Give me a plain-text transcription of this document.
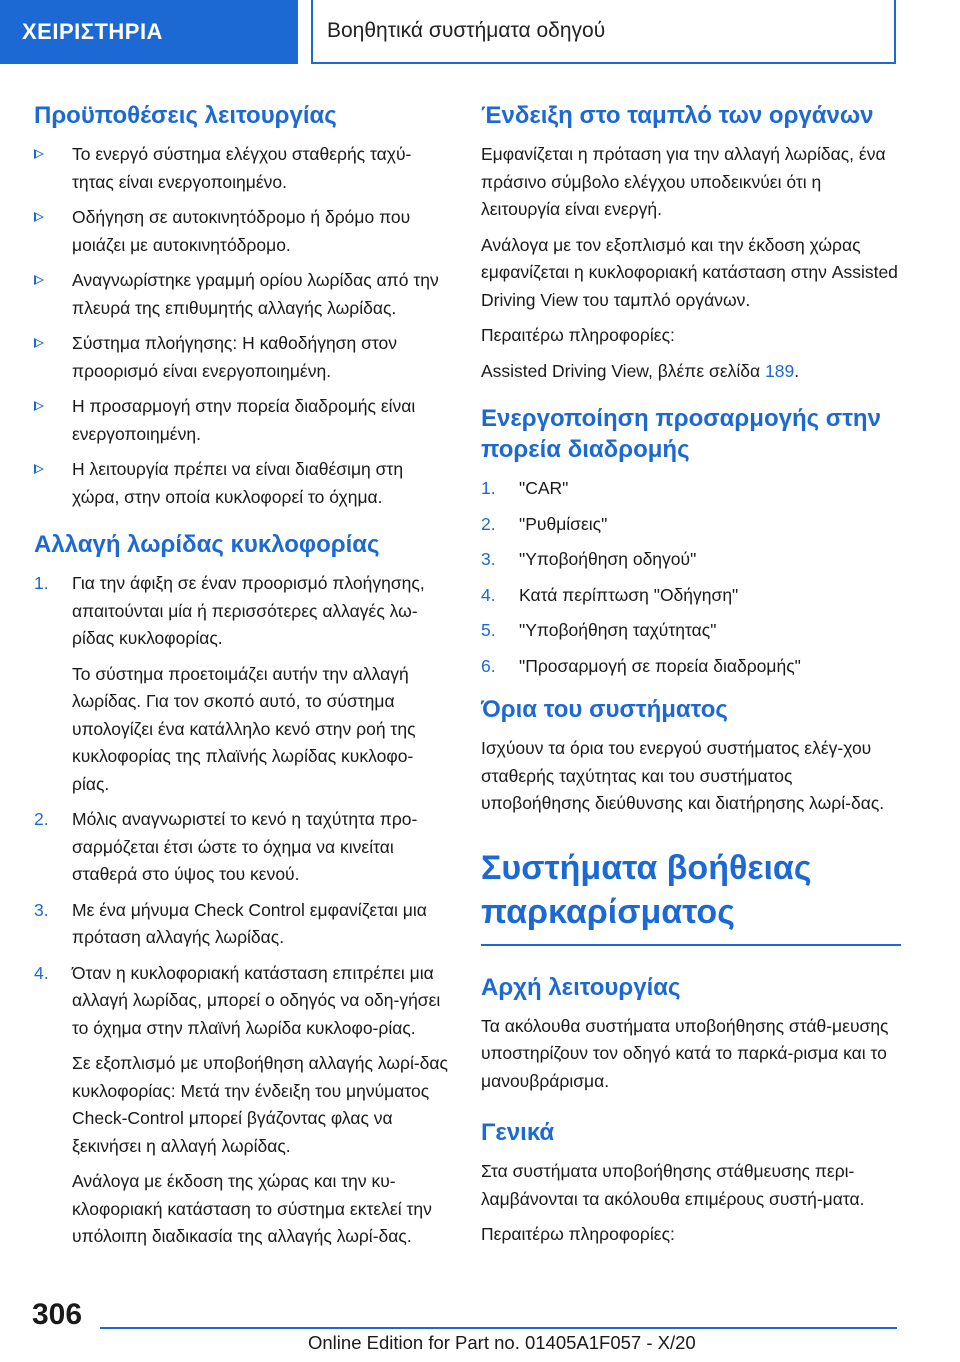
ΧΕΙΡΙΣΤΗΡΙΑ	Βοηθητικά συστήματα οδηγού
Προϋποθέσεις λειτουργίας
Το ενεργό σύστημα ελέγχου σταθερής ταχύ-τητας είναι ενεργοποιημένο.
Οδήγηση σε αυτοκινητόδρομο ή δρόμο που μοιάζει με αυτοκινητόδρομο.
Αναγνωρίστηκε γραμμή ορίου λωρίδας από την πλευρά της επιθυμητής αλλαγής λωρίδας.
Σύστημα πλοήγησης: Η καθοδήγηση στον προορισμό είναι ενεργοποιημένη.
Η προσαρμογή στην πορεία διαδρομής είναι ενεργοποιημένη.
Η λειτουργία πρέπει να είναι διαθέσιμη στη χώρα, στην οποία κυκλοφορεί το όχημα.
Αλλαγή λωρίδας κυκλοφορίας
1. Για την άφιξη σε έναν προορισμό πλοήγησης, απαιτούνται μία ή περισσότερες αλλαγές λω-ρίδας κυκλοφορίας.

Το σύστημα προετοιμάζει αυτήν την αλλαγή λωρίδας. Για τον σκοπό αυτό, το σύστημα υπολογίζει ένα κατάλληλο κενό στην ροή της κυκλοφορίας της πλαϊνής λωρίδας κυκλοφο-ρίας.

2. Μόλις αναγνωριστεί το κενό η ταχύτητα προ-σαρμόζεται έτσι ώστε το όχημα να κινείται σταθερά στο ύψος του κενού.

3. Με ένα μήνυμα Check Control εμφανίζεται μια πρόταση αλλαγής λωρίδας.

4. Όταν η κυκλοφοριακή κατάσταση επιτρέπει μια αλλαγή λωρίδας, μπορεί ο οδηγός να οδη-γήσει το όχημα στην πλαϊνή λωρίδα κυκλοφο-ρίας.

Σε εξοπλισμό με υποβοήθηση αλλαγής λωρί-δας κυκλοφορίας: Μετά την ένδειξη του μηνύματος Check-Control μπορεί βγάζοντας φλας να ξεκινήσει η αλλαγή λωρίδας.

Ανάλογα με έκδοση της χώρας και την κυ-κλοφοριακή κατάσταση το σύστημα εκτελεί την υπόλοιπη διαδικασία της αλλαγής λωρί-δας.

Ένδειξη στο ταμπλό των οργάνων

Εμφανίζεται η πρόταση για την αλλαγή λωρίδας, ένα πράσινο σύμβολο ελέγχου υποδεικνύει ότι η λειτουργία είναι ενεργή.

Ανάλογα με τον εξοπλισμό και την έκδοση χώρας εμφανίζεται η κυκλοφοριακή κατάσταση στην Assisted Driving View του ταμπλό οργάνων.

Περαιτέρω πληροφορίες:

Assisted Driving View, βλέπε σελίδα 189.

Ενεργοποίηση προσαρμογής στην πορεία διαδρομής
1. "CAR"
2. "Ρυθμίσεις"
3. "Υποβοήθηση οδηγού"
4. Κατά περίπτωση "Οδήγηση"
5. "Υποβοήθηση ταχύτητας"
6. "Προσαρμογή σε πορεία διαδρομής"
Όρια του συστήματος

Ισχύουν τα όρια του ενεργού συστήματος ελέγ-χου σταθερής ταχύτητας και του συστήματος υποβοήθησης διεύθυνσης και διατήρησης λωρί-δας.

Συστήματα βοήθειας παρκαρίσματος
Αρχή λειτουργίας

Τα ακόλουθα συστήματα υποβοήθησης στάθ-μευσης υποστηρίζουν τον οδηγό κατά το παρκά-ρισμα και το μανουβράρισμα.

Γενικά

Στα συστήματα υποβοήθησης στάθμευσης περι-λαμβάνονται τα ακόλουθα επιμέρους συστή-ματα.

Περαιτέρω πληροφορίες:

306
Online Edition for Part no. 01405A1F057 - X/20
